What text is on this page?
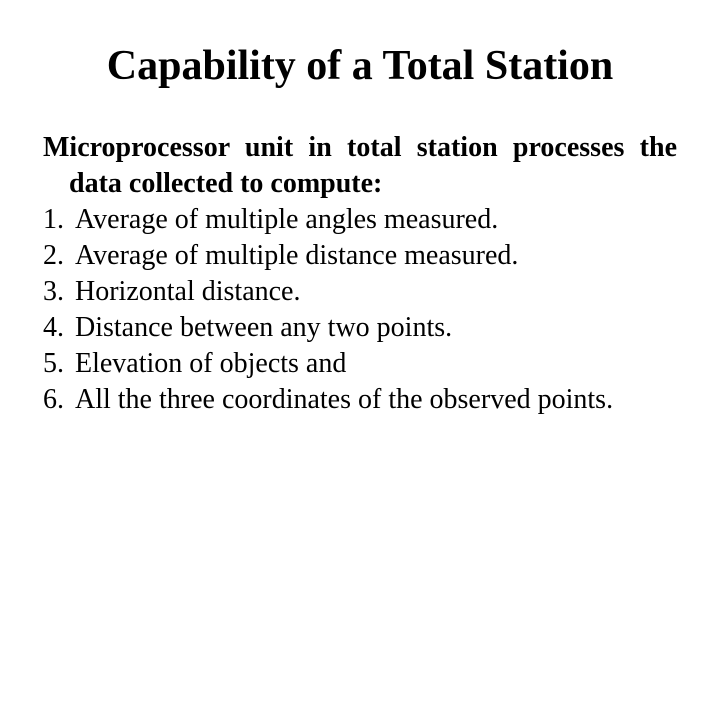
Capability of a Total Station

Microprocessor unit in total station processes the data collected to compute:

1. Average of multiple angles measured.
2. Average of multiple distance measured.
3. Horizontal distance.
4. Distance between any two points.
5. Elevation of objects and
6. All the three coordinates of the observed points.
